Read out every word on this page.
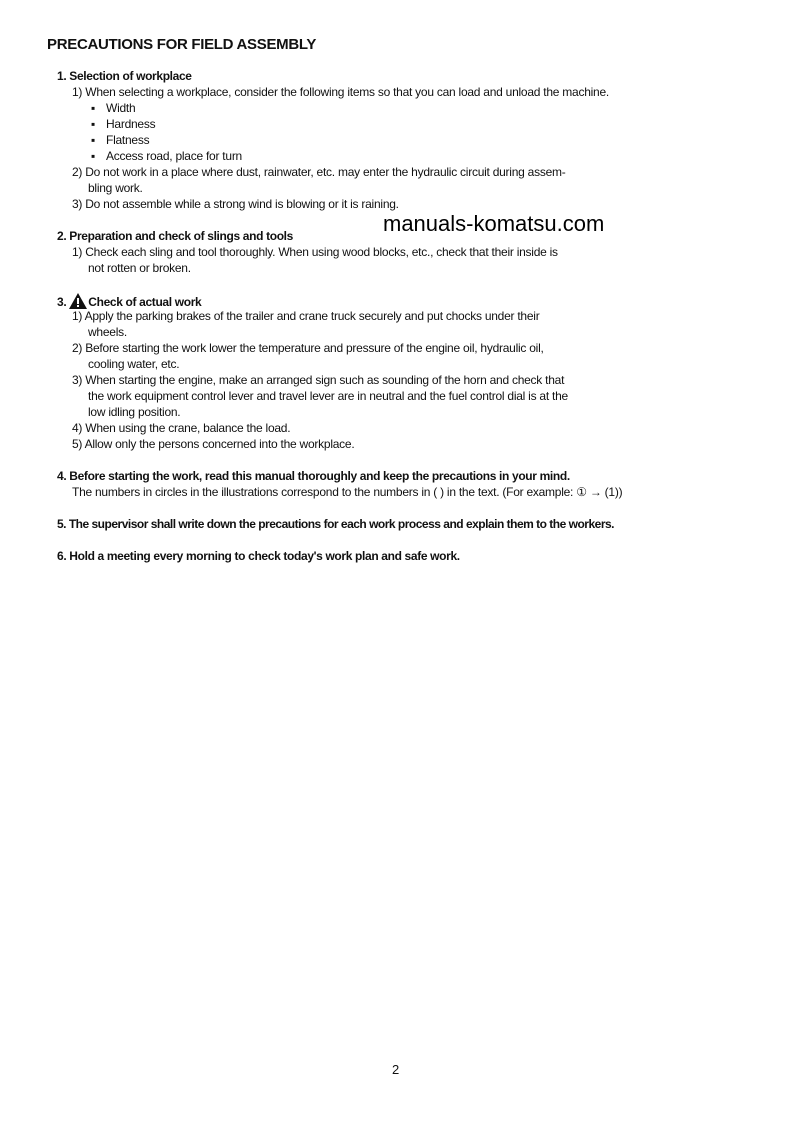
PRECAUTIONS FOR FIELD ASSEMBLY
1. Selection of workplace
1) When selecting a workplace, consider the following items so that you can load and unload the machine.
▪ Width
▪ Hardness
▪ Flatness
▪ Access road, place for turn
2) Do not work in a place where dust, rainwater, etc. may enter the hydraulic circuit during assem-
bling work.
3) Do not assemble while a strong wind is blowing or it is raining.
manuals-komatsu.com
2. Preparation and check of slings and tools
1) Check each sling and tool thoroughly. When using wood blocks, etc., check that their inside is
not rotten or broken.
3. Check of actual work
1) Apply the parking brakes of the trailer and crane truck securely and put chocks under their
wheels.
2) Before starting the work lower the temperature and pressure of the engine oil, hydraulic oil,
cooling water, etc.
3) When starting the engine, make an arranged sign such as sounding of the horn and check that
the work equipment control lever and travel lever are in neutral and the fuel control dial is at the
low idling position.
4) When using the crane, balance the load.
5) Allow only the persons concerned into the workplace.
4. Before starting the work, read this manual thoroughly and keep the precautions in your mind.
The numbers in circles in the illustrations correspond to the numbers in ( ) in the text. (For example: ① → (1))
5. The supervisor shall write down the precautions for each work process and explain them to the workers.
6. Hold a meeting every morning to check today's work plan and safe work.
2
